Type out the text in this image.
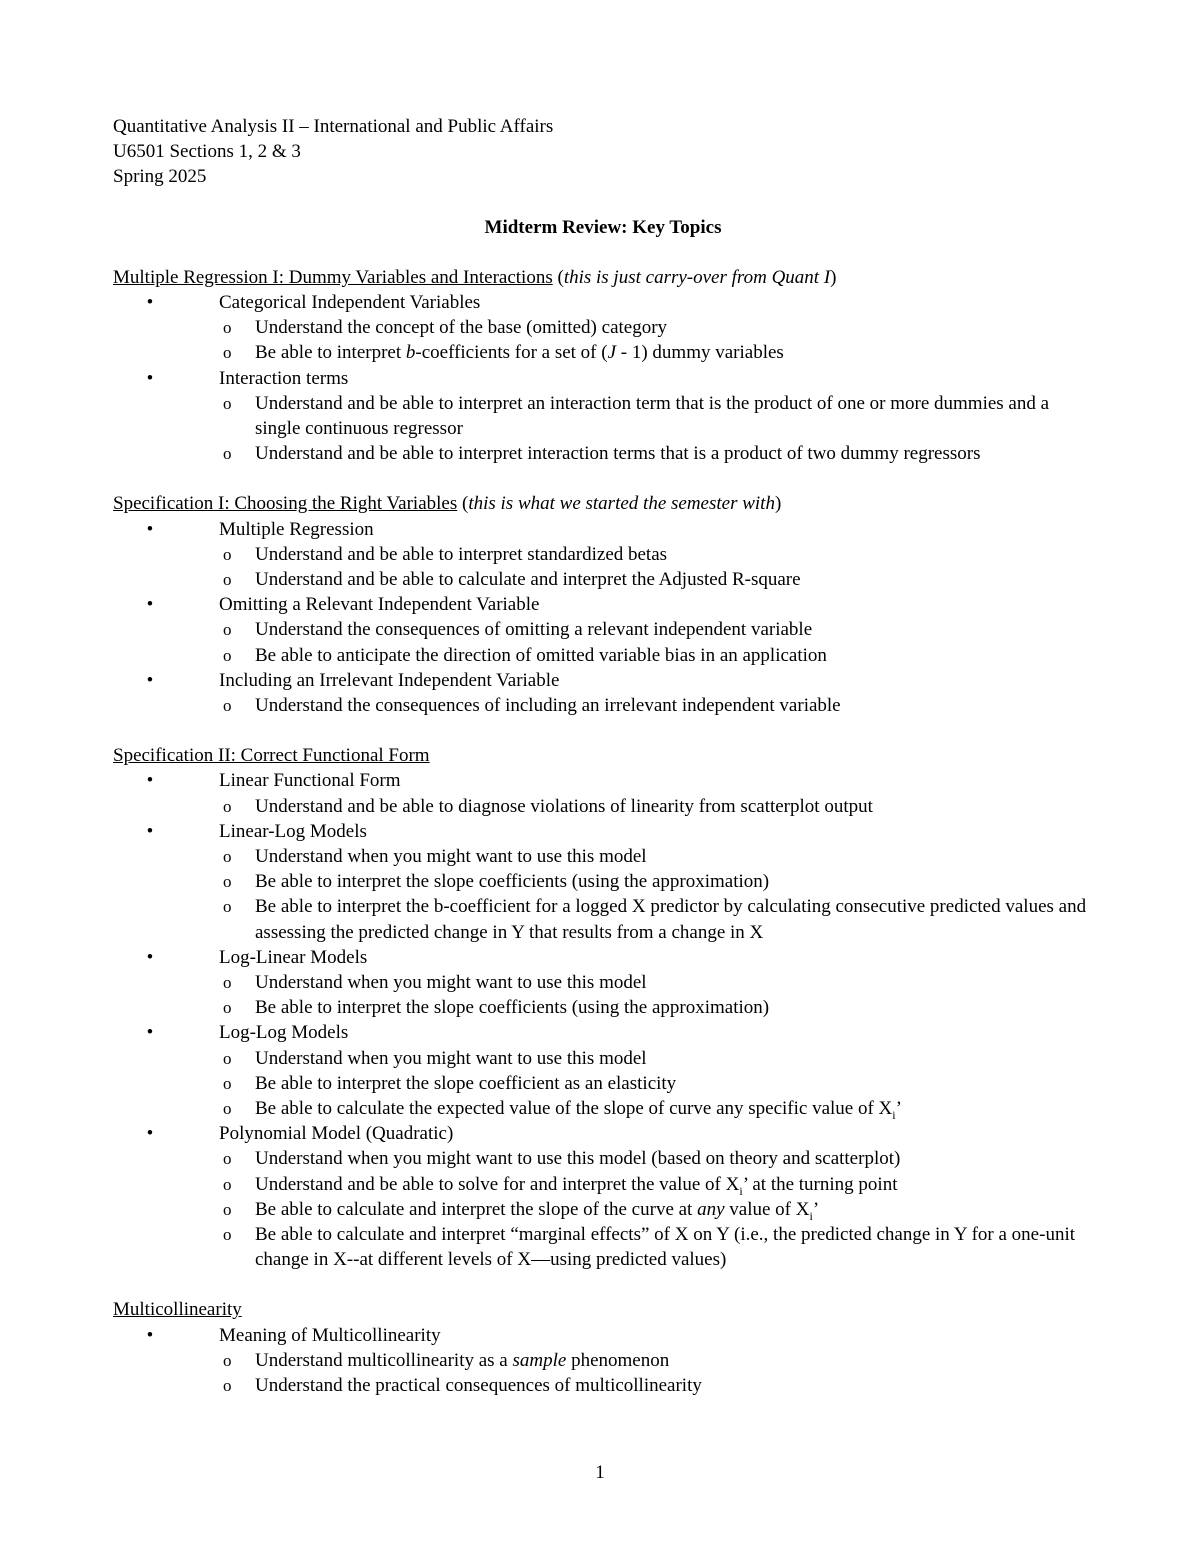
Quantitative Analysis II – International and Public Affairs
U6501 Sections 1, 2 & 3
Spring 2025
Midterm Review: Key Topics
Multiple Regression I: Dummy Variables and Interactions (this is just carry-over from Quant I)
•	Categorical Independent Variables
o Understand the concept of the base (omitted) category
o Be able to interpret b-coefficients for a set of (J - 1) dummy variables
•	Interaction terms
o Understand and be able to interpret an interaction term that is the product of one or more dummies and a single continuous regressor
o Understand and be able to interpret interaction terms that is a product of two dummy regressors
Specification I: Choosing the Right Variables (this is what we started the semester with)
•	Multiple Regression
o Understand and be able to interpret standardized betas
o Understand and be able to calculate and interpret the Adjusted R-square
•	Omitting a Relevant Independent Variable
o Understand the consequences of omitting a relevant independent variable
o Be able to anticipate the direction of omitted variable bias in an application
•	Including an Irrelevant Independent Variable
o Understand the consequences of including an irrelevant independent variable
Specification II: Correct Functional Form
•	Linear Functional Form
o Understand and be able to diagnose violations of linearity from scatterplot output
•	Linear-Log Models
o Understand when you might want to use this model
o Be able to interpret the slope coefficients (using the approximation)
o Be able to interpret the b-coefficient for a logged X predictor by calculating consecutive predicted values and assessing the predicted change in Y that results from a change in X
•	Log-Linear Models
o Understand when you might want to use this model
o Be able to interpret the slope coefficients (using the approximation)
•	Log-Log Models
o Understand when you might want to use this model
o Be able to interpret the slope coefficient as an elasticity
o Be able to calculate the expected value of the slope of curve any specific value of $X_i$’
•	Polynomial Model (Quadratic)
o Understand when you might want to use this model (based on theory and scatterplot)
o Understand and be able to solve for and interpret the value of $X_i$’ at the turning point
o Be able to calculate and interpret the slope of the curve at any value of $X_i$’
o Be able to calculate and interpret “marginal effects” of X on Y (i.e., the predicted change in Y for a one-unit change in X--at different levels of X—using predicted values)
Multicollinearity
•	Meaning of Multicollinearity
o Understand multicollinearity as a sample phenomenon
o Understand the practical consequences of multicollinearity
1
